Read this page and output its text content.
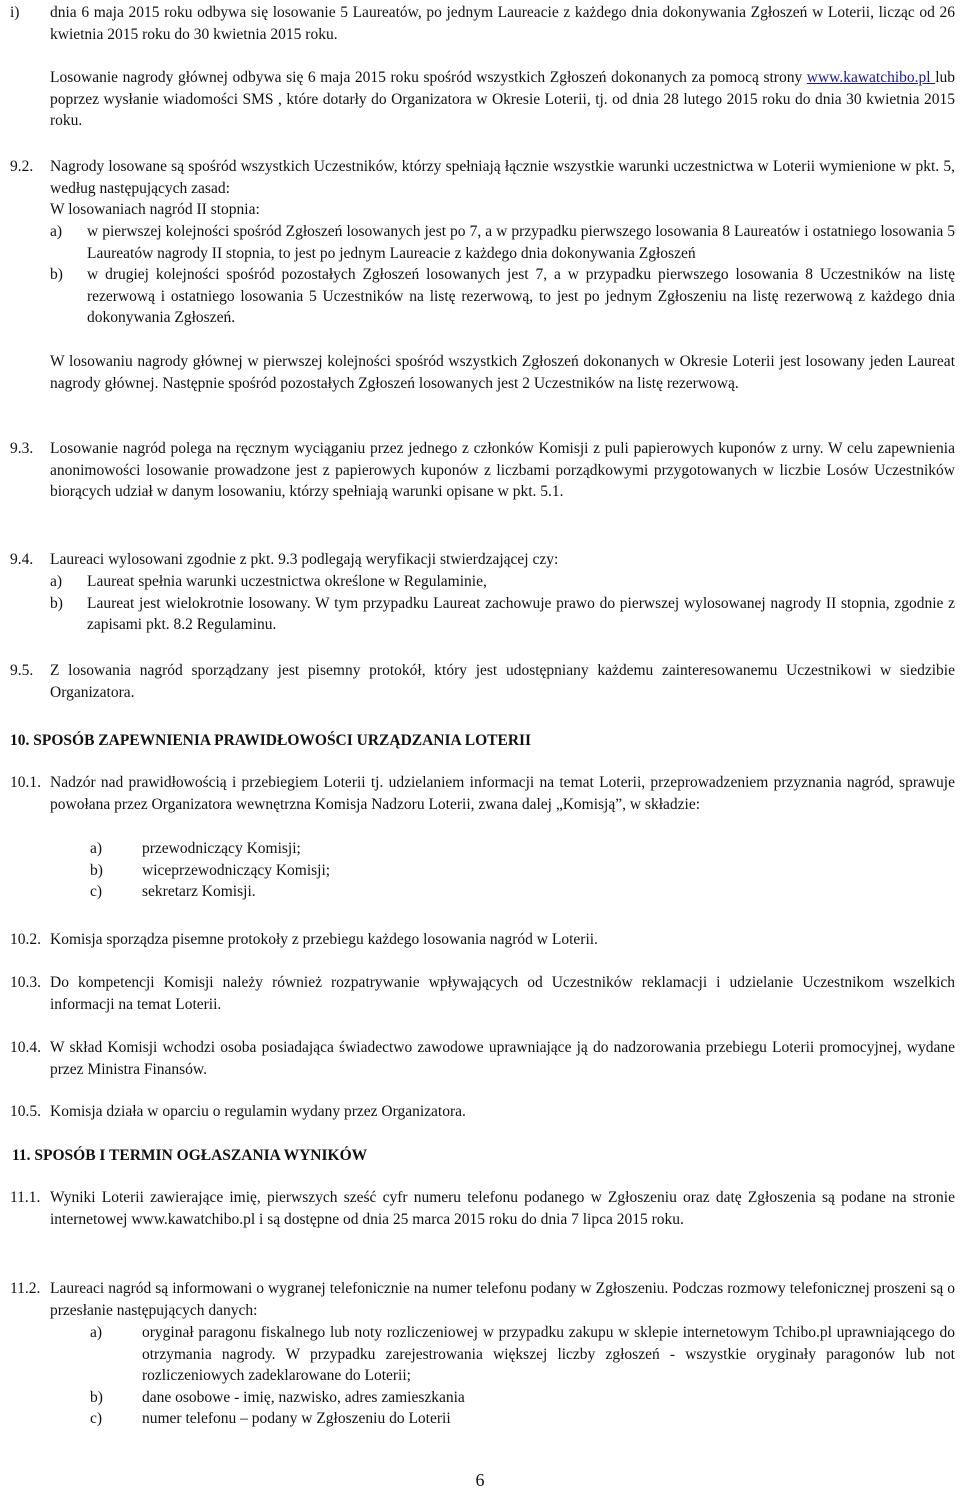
i)	dnia 6 maja 2015 roku odbywa się losowanie 5 Laureatów, po jednym Laureacie z każdego dnia dokonywania Zgłoszeń w Loterii, licząc od 26 kwietnia 2015 roku do 30 kwietnia 2015 roku.
Losowanie nagrody głównej odbywa się 6 maja 2015 roku spośród wszystkich Zgłoszeń dokonanych za pomocą strony www.kawatchibo.pl lub poprzez wysłanie wiadomości SMS , które dotarły do Organizatora w Okresie Loterii, tj. od dnia 28 lutego 2015 roku do dnia 30 kwietnia 2015 roku.
9.2.	Nagrody losowane są spośród wszystkich Uczestników, którzy spełniają łącznie wszystkie warunki uczestnictwa w Loterii wymienione w pkt. 5, według następujących zasad:
W losowaniach nagród II stopnia:
a)	w pierwszej kolejności spośród Zgłoszeń losowanych jest po 7, a w przypadku pierwszego losowania 8 Laureatów i ostatniego losowania 5 Laureatów nagrody II stopnia, to jest po jednym Laureacie z każdego dnia dokonywania Zgłoszeń
b)	w drugiej kolejności spośród pozostałych Zgłoszeń losowanych jest 7, a w przypadku pierwszego losowania 8 Uczestników na listę rezerwową i ostatniego losowania 5 Uczestników na listę rezerwową, to jest po jednym Zgłoszeniu na listę rezerwową z każdego dnia dokonywania Zgłoszeń.
W losowaniu nagrody głównej w pierwszej kolejności spośród wszystkich Zgłoszeń dokonanych w Okresie Loterii jest losowany jeden Laureat nagrody głównej. Następnie spośród pozostałych Zgłoszeń losowanych jest 2 Uczestników na listę rezerwową.
9.3.	Losowanie nagród polega na ręcznym wyciąganiu przez jednego z członków Komisji z puli papierowych kuponów z urny. W celu zapewnienia anonimowości losowanie prowadzone jest z papierowych kuponów z liczbami porządkowymi przygotowanych w liczbie Losów Uczestników biorących udział w danym losowaniu, którzy spełniają warunki opisane w pkt. 5.1.
9.4.	Laureaci wylosowani zgodnie z pkt. 9.3 podlegają weryfikacji stwierdzającej czy:
a)	Laureat spełnia warunki uczestnictwa określone w Regulaminie,
b)	Laureat jest wielokrotnie losowany. W tym przypadku Laureat zachowuje prawo do pierwszej wylosowanej nagrody II stopnia, zgodnie z zapisami pkt. 8.2 Regulaminu.
9.5.	Z losowania nagród sporządzany jest pisemny protokół, który jest udostępniany każdemu zainteresowanemu Uczestnikowi w siedzibie Organizatora.
10. SPOSÓB ZAPEWNIENIA PRAWIDŁOWOŚCI URZĄDZANIA LOTERII
10.1. Nadzór nad prawidłowością i przebiegiem Loterii tj. udzielaniem informacji na temat Loterii, przeprowadzeniem przyznania nagród, sprawuje powołana przez Organizatora wewnętrzna Komisja Nadzoru Loterii, zwana dalej „Komisją”, w składzie:
a)	przewodniczący Komisji;
b)	wiceprzewodniczący Komisji;
c)	sekretarz Komisji.
10.2. Komisja sporządza pisemne protokoły z przebiegu każdego losowania nagród w Loterii.
10.3. Do kompetencji Komisji należy również rozpatrywanie wpływających od Uczestników reklamacji i udzielanie Uczestnikom wszelkich informacji na temat Loterii.
10.4. W skład Komisji wchodzi osoba posiadająca świadectwo zawodowe uprawniające ją do nadzorowania przebiegu Loterii promocyjnej, wydane przez Ministra Finansów.
10.5. Komisja działa w oparciu o regulamin wydany przez Organizatora.
11. SPOSÓB I TERMIN OGŁASZANIA WYNIKÓW
11.1. Wyniki Loterii zawierające imię, pierwszych sześć cyfr numeru telefonu podanego w Zgłoszeniu oraz datę Zgłoszenia są podane na stronie internetowej www.kawatchibo.pl i są dostępne od dnia 25 marca 2015 roku do dnia 7 lipca 2015 roku.
11.2. Laureaci nagród są informowani o wygranej telefonicznie na numer telefonu podany w Zgłoszeniu. Podczas rozmowy telefonicznej proszeni są o przesłanie następujących danych:
a)	oryginał paragonu fiskalnego lub noty rozliczeniowej w przypadku zakupu w sklepie internetowym Tchibo.pl uprawniającego do otrzymania nagrody. W przypadku zarejestrowania większej liczby zgłoszeń - wszystkie oryginały paragonów lub not rozliczeniowych zadeklarowane do Loterii;
b)	dane osobowe - imię, nazwisko, adres zamieszkania
c)	numer telefonu – podany w Zgłoszeniu do Loterii
6
